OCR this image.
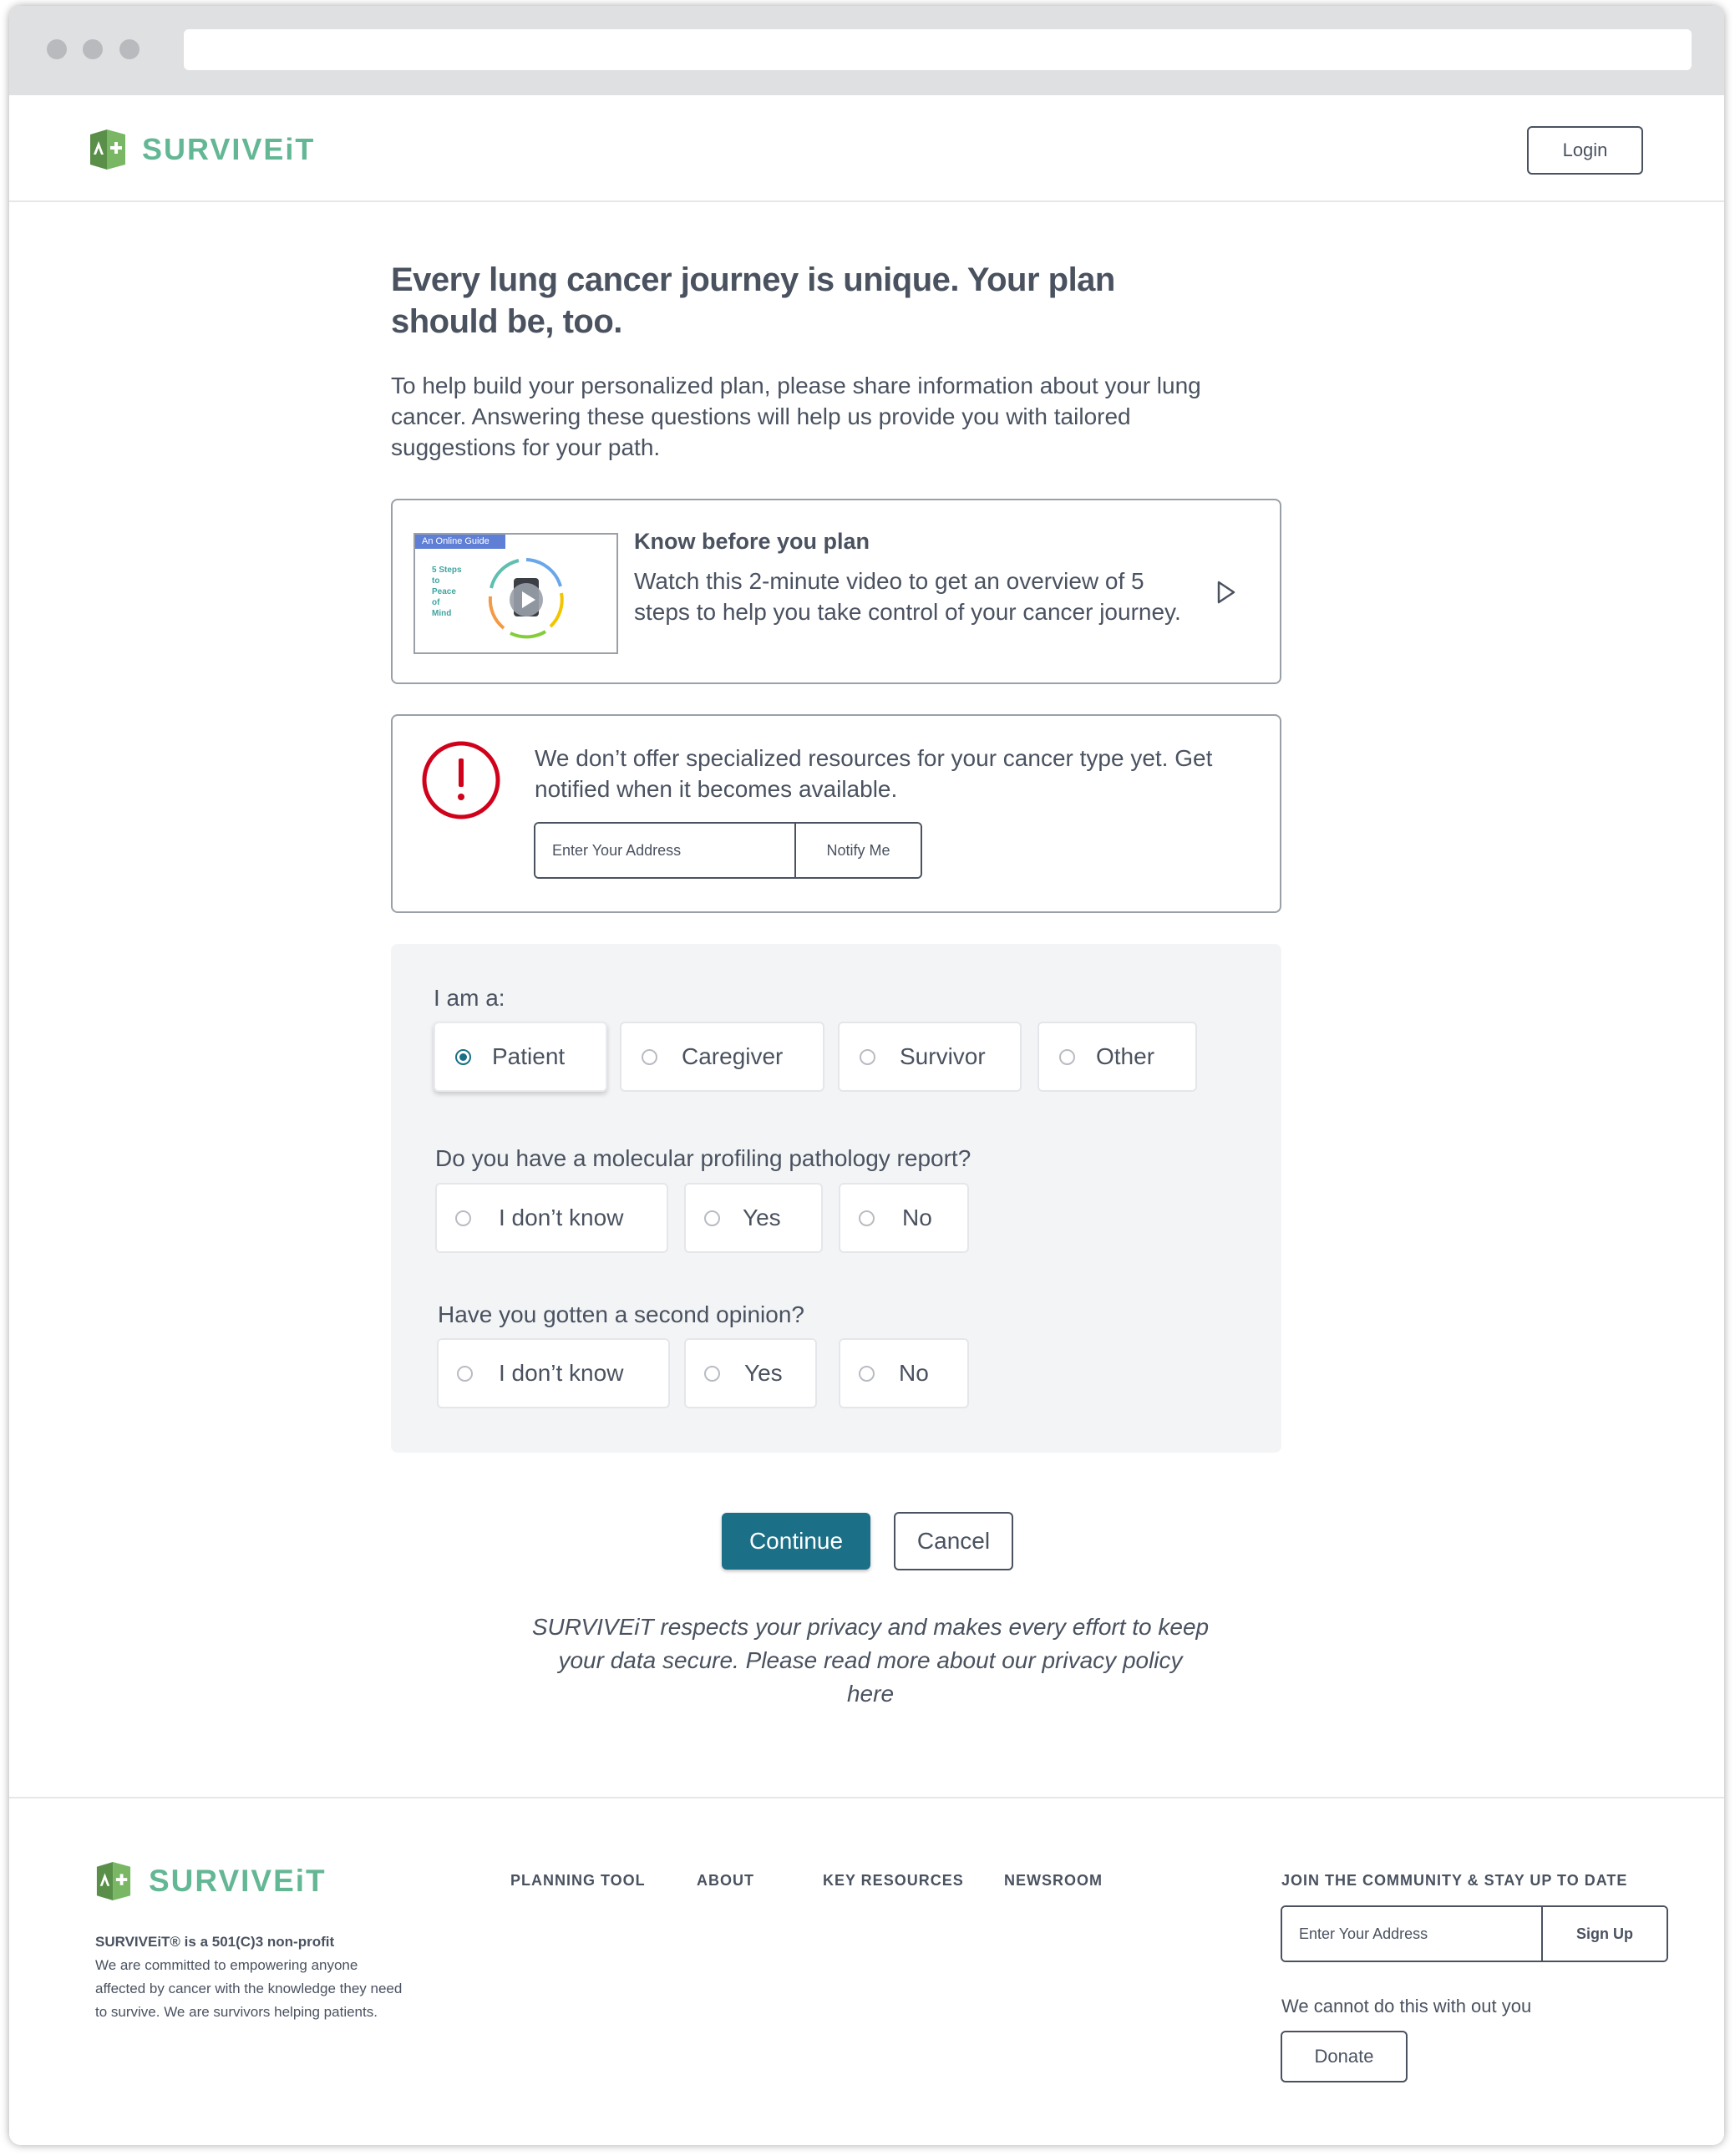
SURVIVEiT	Login
Every lung cancer journey is unique. Your plan
should be, too.
To help build your personalized plan, please share information about your lung cancer. Answering these questions will help us provide you with tailored suggestions for your path.
An Online Guide
5 Steps
to
Peace
of
Mind
Know before you plan
Watch this 2-minute video to get an overview of 5 steps to help you take control of your cancer journey.
We don’t offer specialized resources for your cancer type yet. Get notified when it becomes available.
Enter Your Address
Notify Me
I am a:
Patient	Caregiver	Survivor	Other
Do you have a molecular profiling pathology report?
I don’t know	Yes	No
Have you gotten a second opinion?
I don’t know	Yes	No
Continue	Cancel
SURVIVEiT respects your privacy and makes every effort to keep
your data secure. Please read more about our privacy policy
here
SURVIVEiT
SURVIVEiT® is a 501(C)3 non-profit
We are committed to empowering anyone affected by cancer with the knowledge they need to survive. We are survivors helping patients.
PLANNING TOOL	ABOUT	KEY RESOURCES	NEWSROOM	JOIN THE COMMUNITY & STAY UP TO DATE
Enter Your Address
Sign Up
We cannot do this with out you
Donate
